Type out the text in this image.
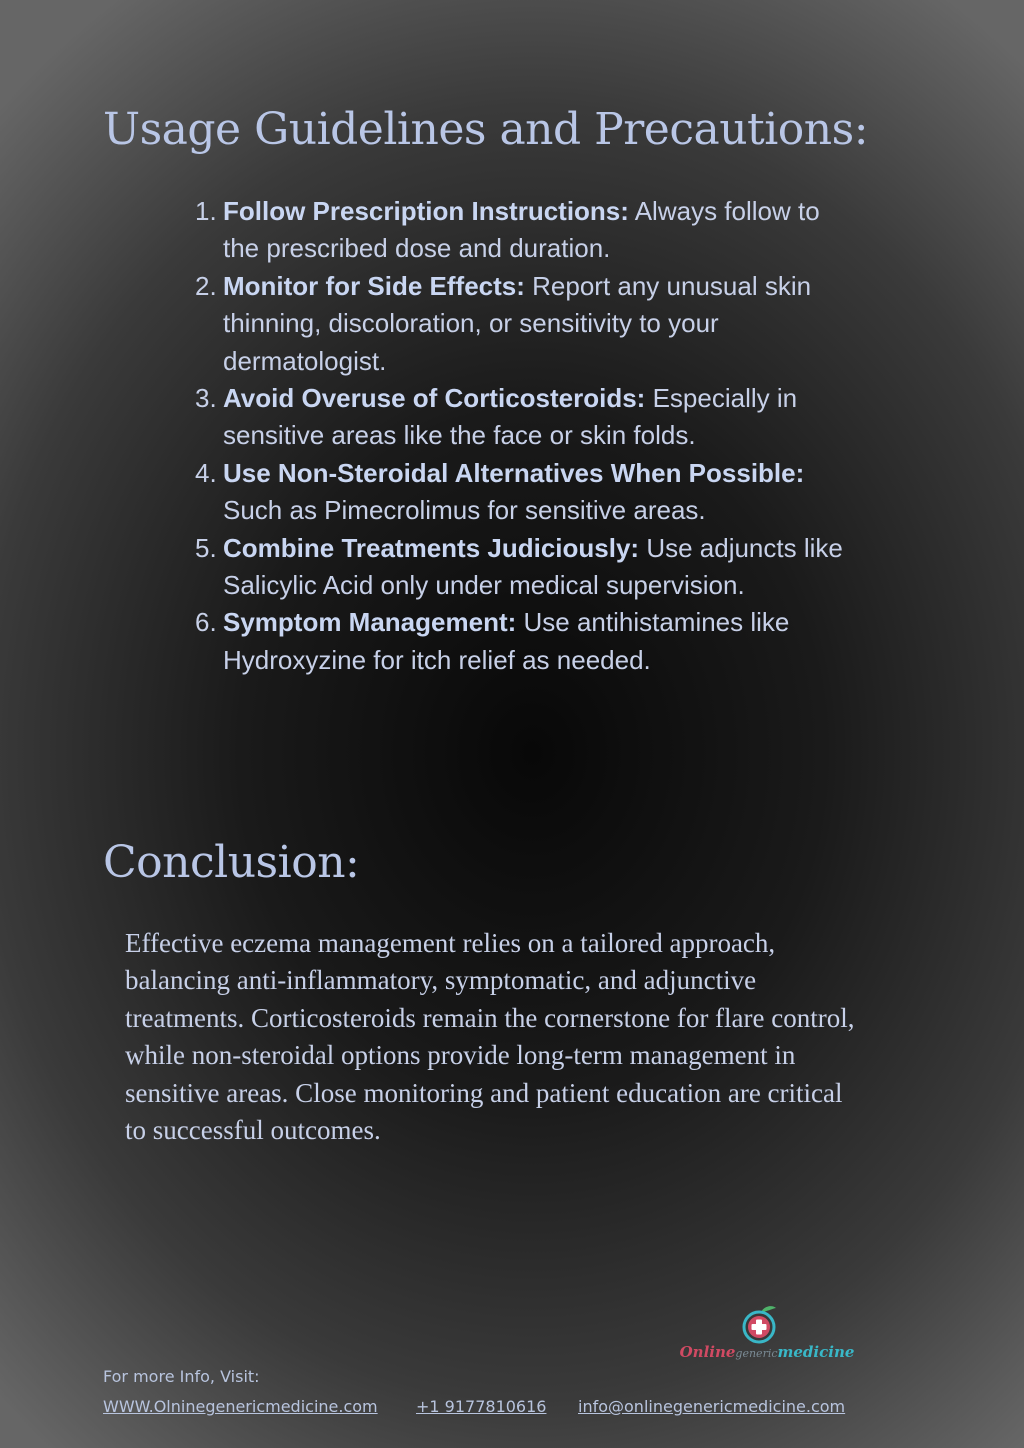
Usage Guidelines and Precautions:
1. Follow Prescription Instructions: Always follow to the prescribed dose and duration.
2. Monitor for Side Effects: Report any unusual skin thinning, discoloration, or sensitivity to your dermatologist.
3. Avoid Overuse of Corticosteroids: Especially in sensitive areas like the face or skin folds.
4. Use Non-Steroidal Alternatives When Possible: Such as Pimecrolimus for sensitive areas.
5. Combine Treatments Judiciously: Use adjuncts like Salicylic Acid only under medical supervision.
6. Symptom Management: Use antihistamines like Hydroxyzine for itch relief as needed.
Conclusion:

Effective eczema management relies on a tailored approach, balancing anti-inflammatory, symptomatic, and adjunctive treatments. Corticosteroids remain the cornerstone for flare control, while non-steroidal options provide long-term management in sensitive areas. Close monitoring and patient education are critical to successful outcomes.

Onlinegenericmedicine

For more Info, Visit:

WWW.Olninegenericmedicine.com +1 9177810616 info@onlinegenericmedicine.com
